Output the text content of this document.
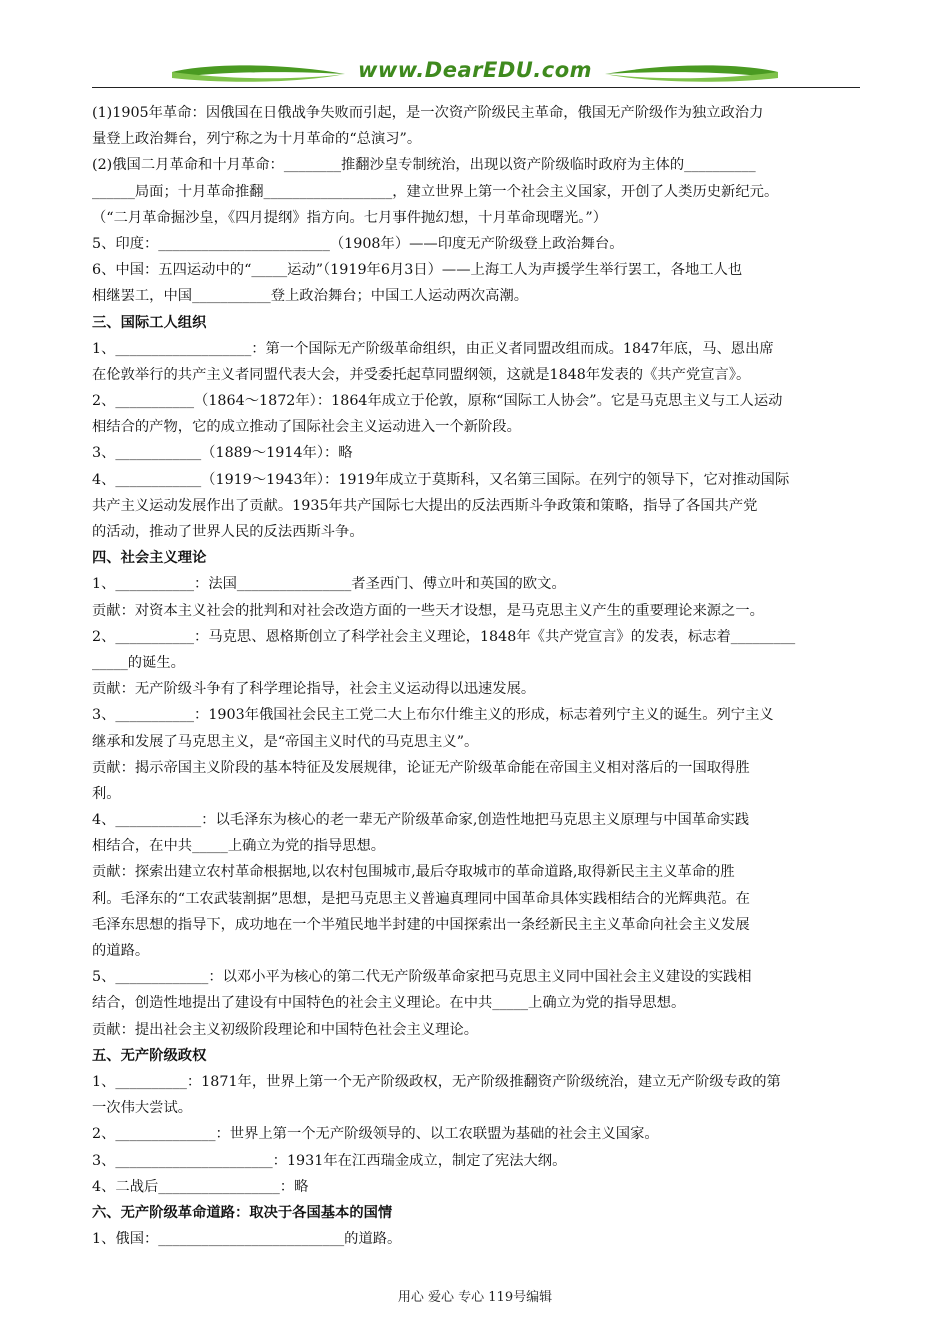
www.DearEDU.com
(1)1905年革命：因俄国在日俄战争失败而引起，是一次资产阶级民主革命，俄国无产阶级作为独立政治力
量登上政治舞台，列宁称之为十月革命的“总演习”。
(2)俄国二月革命和十月革命：________推翻沙皇专制统治，出现以资产阶级临时政府为主体的__________
______局面；十月革命推翻__________________，建立世界上第一个社会主义国家，开创了人类历史新纪元。
（“二月革命掘沙皇，《四月提纲》指方向。七月事件抛幻想，十月革命现曙光。”）
5、印度：________________________（1908年）——印度无产阶级登上政治舞台。
6、中国：五四运动中的“_____运动”（1919年6月3日）——上海工人为声援学生举行罢工，各地工人也
相继罢工，中国___________登上政治舞台；中国工人运动两次高潮。
三、国际工人组织
1、___________________：第一个国际无产阶级革命组织，由正义者同盟改组而成。1847年底，马、恩出席
在伦敦举行的共产主义者同盟代表大会，并受委托起草同盟纲领，这就是1848年发表的《共产党宣言》。
2、___________（1864～1872年）：1864年成立于伦敦，原称“国际工人协会”。它是马克思主义与工人运动
相结合的产物，它的成立推动了国际社会主义运动进入一个新阶段。
3、____________（1889～1914年）：略
4、____________（1919～1943年）：1919年成立于莫斯科，又名第三国际。在列宁的领导下，它对推动国际
共产主义运动发展作出了贡献。1935年共产国际七大提出的反法西斯斗争政策和策略，指导了各国共产党
的活动，推动了世界人民的反法西斯斗争。
四、社会主义理论
1、___________：法国________________者圣西门、傅立叶和英国的欧文。
贡献：对资本主义社会的批判和对社会改造方面的一些天才设想，是马克思主义产生的重要理论来源之一。
2、___________：马克思、恩格斯创立了科学社会主义理论，1848年《共产党宣言》的发表，标志着_________
_____的诞生。
贡献：无产阶级斗争有了科学理论指导，社会主义运动得以迅速发展。
3、___________：1903年俄国社会民主工党二大上布尔什维主义的形成，标志着列宁主义的诞生。列宁主义
继承和发展了马克思主义，是“帝国主义时代的马克思主义”。
贡献：揭示帝国主义阶段的基本特征及发展规律，论证无产阶级革命能在帝国主义相对落后的一国取得胜
利。
4、____________：以毛泽东为核心的老一辈无产阶级革命家,创造性地把马克思主义原理与中国革命实践
相结合，在中共_____上确立为党的指导思想。
贡献：探索出建立农村革命根据地,以农村包围城市,最后夺取城市的革命道路,取得新民主主义革命的胜
利。毛泽东的“工农武装割据”思想，是把马克思主义普遍真理同中国革命具体实践相结合的光辉典范。在
毛泽东思想的指导下，成功地在一个半殖民地半封建的中国探索出一条经新民主主义革命向社会主义发展
的道路。
5、_____________：以邓小平为核心的第二代无产阶级革命家把马克思主义同中国社会主义建设的实践相
结合，创造性地提出了建设有中国特色的社会主义理论。在中共_____上确立为党的指导思想。
贡献：提出社会主义初级阶段理论和中国特色社会主义理论。
五、无产阶级政权
1、__________：1871年，世界上第一个无产阶级政权，无产阶级推翻资产阶级统治，建立无产阶级专政的第
一次伟大尝试。
2、______________：世界上第一个无产阶级领导的、以工农联盟为基础的社会主义国家。
3、______________________：1931年在江西瑞金成立，制定了宪法大纲。
4、二战后_________________：略
六、无产阶级革命道路：取决于各国基本的国情
1、俄国：__________________________的道路。
用心 爱心 专心 119号编辑
